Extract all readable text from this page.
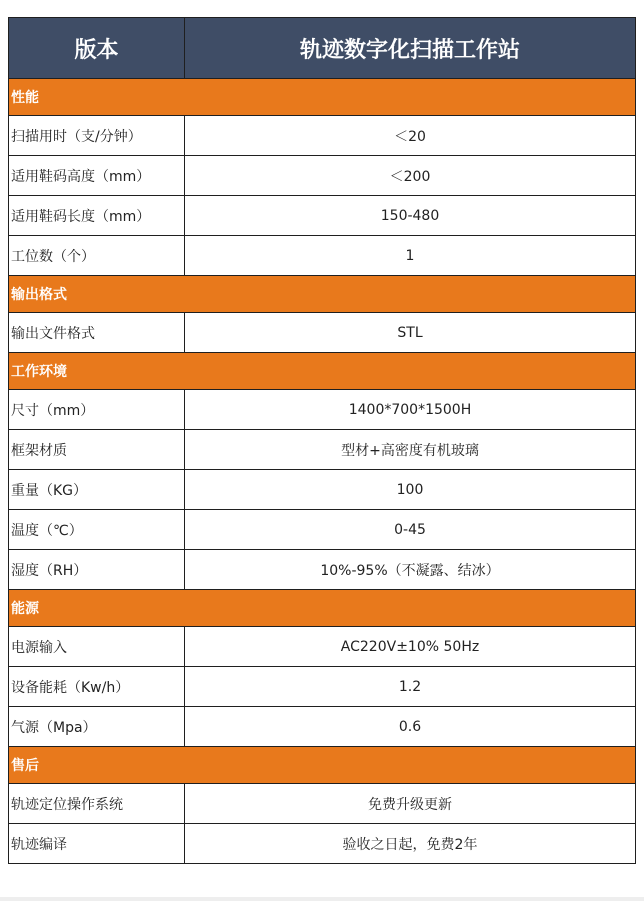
版本	轨迹数字化扫描工作站
性能	
扫描用时（支/分钟）	＜20
适用鞋码高度（mm）	＜200
适用鞋码长度（mm）	150-480
工位数（个）	1
输出格式	
输出文件格式	STL
工作环境	
尺寸（mm）	1400*700*1500H
框架材质	型材+高密度有机玻璃
重量（KG）	100
温度（℃）	0-45
湿度（RH）	10%-95%（不凝露、结冰）
能源	
电源输入	AC220V±10% 50Hz
设备能耗（Kw/h）	1.2
气源（Mpa）	0.6
售后	
轨迹定位操作系统	免费升级更新
轨迹编译	验收之日起，免费2年
